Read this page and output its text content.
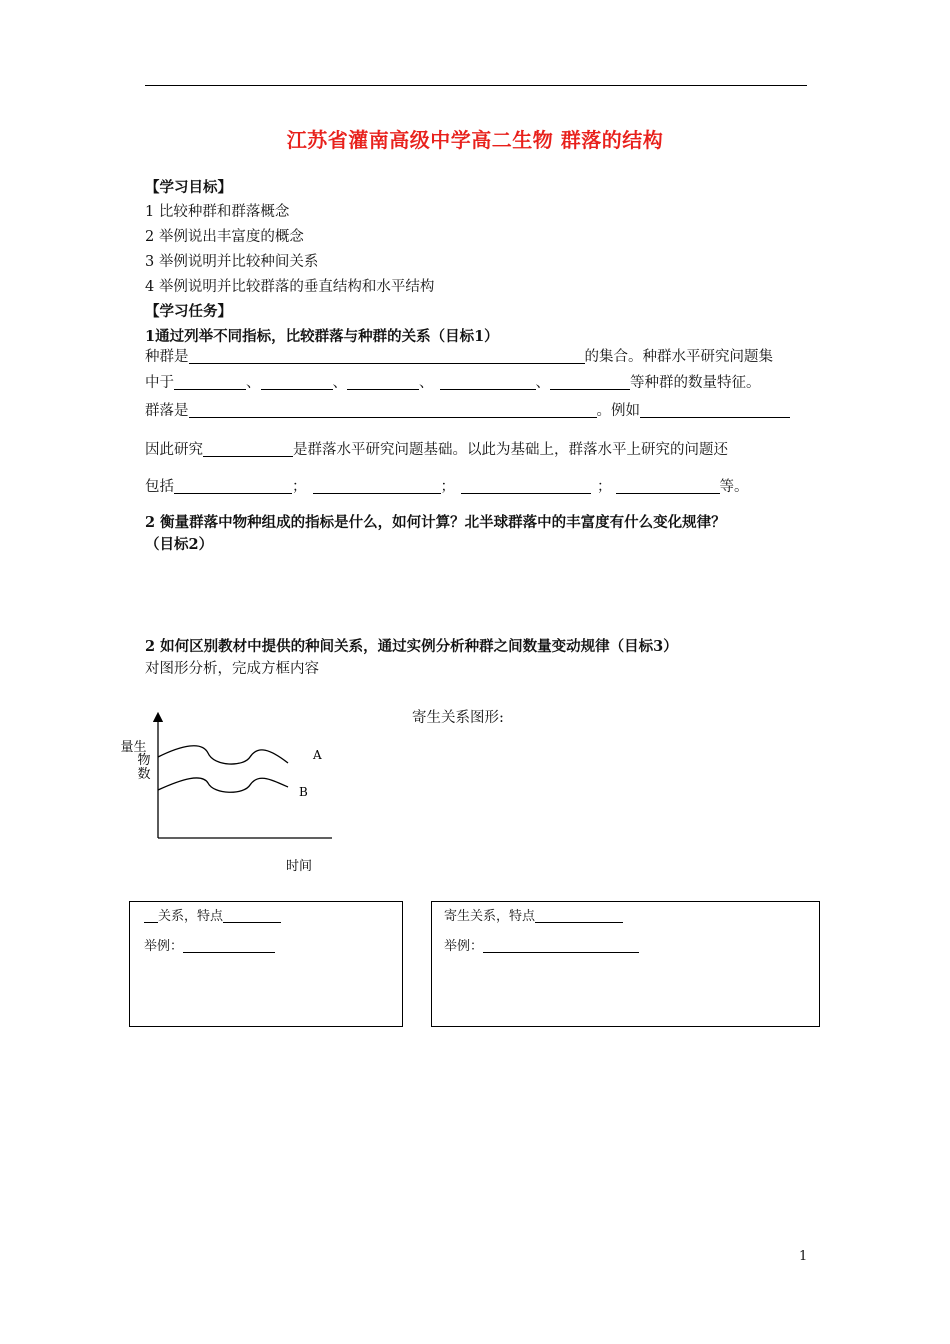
江苏省灌南高级中学高二生物 群落的结构
【学习目标】
1 比较种群和群落概念
2 举例说出丰富度的概念
3 举例说明并比较种间关系
4 举例说明并比较群落的垂直结构和水平结构
【学习任务】
1通过列举不同指标，比较群落与种群的关系（目标1）
种群是	的集合。种群水平研究问题集
中于	、	、	、	、	等种群的数量特征。
群落是	。例如
因此研究	是群落水平研究问题基础。以此为基础上，群落水平上研究的问题还
包括	；	；	；	等。
2 衡量群落中物种组成的指标是什么，如何计算？北半球群落中的丰富度有什么变化规律？
（目标2）
2 如何区别教材中提供的种间关系，通过实例分析种群之间数量变动规律（目标3）
对图形分析，完成方框内容
生
物
数
量	A
B
时间
寄生关系图形:
关系，特点
举例：
寄生关系，特点
举例：
1
